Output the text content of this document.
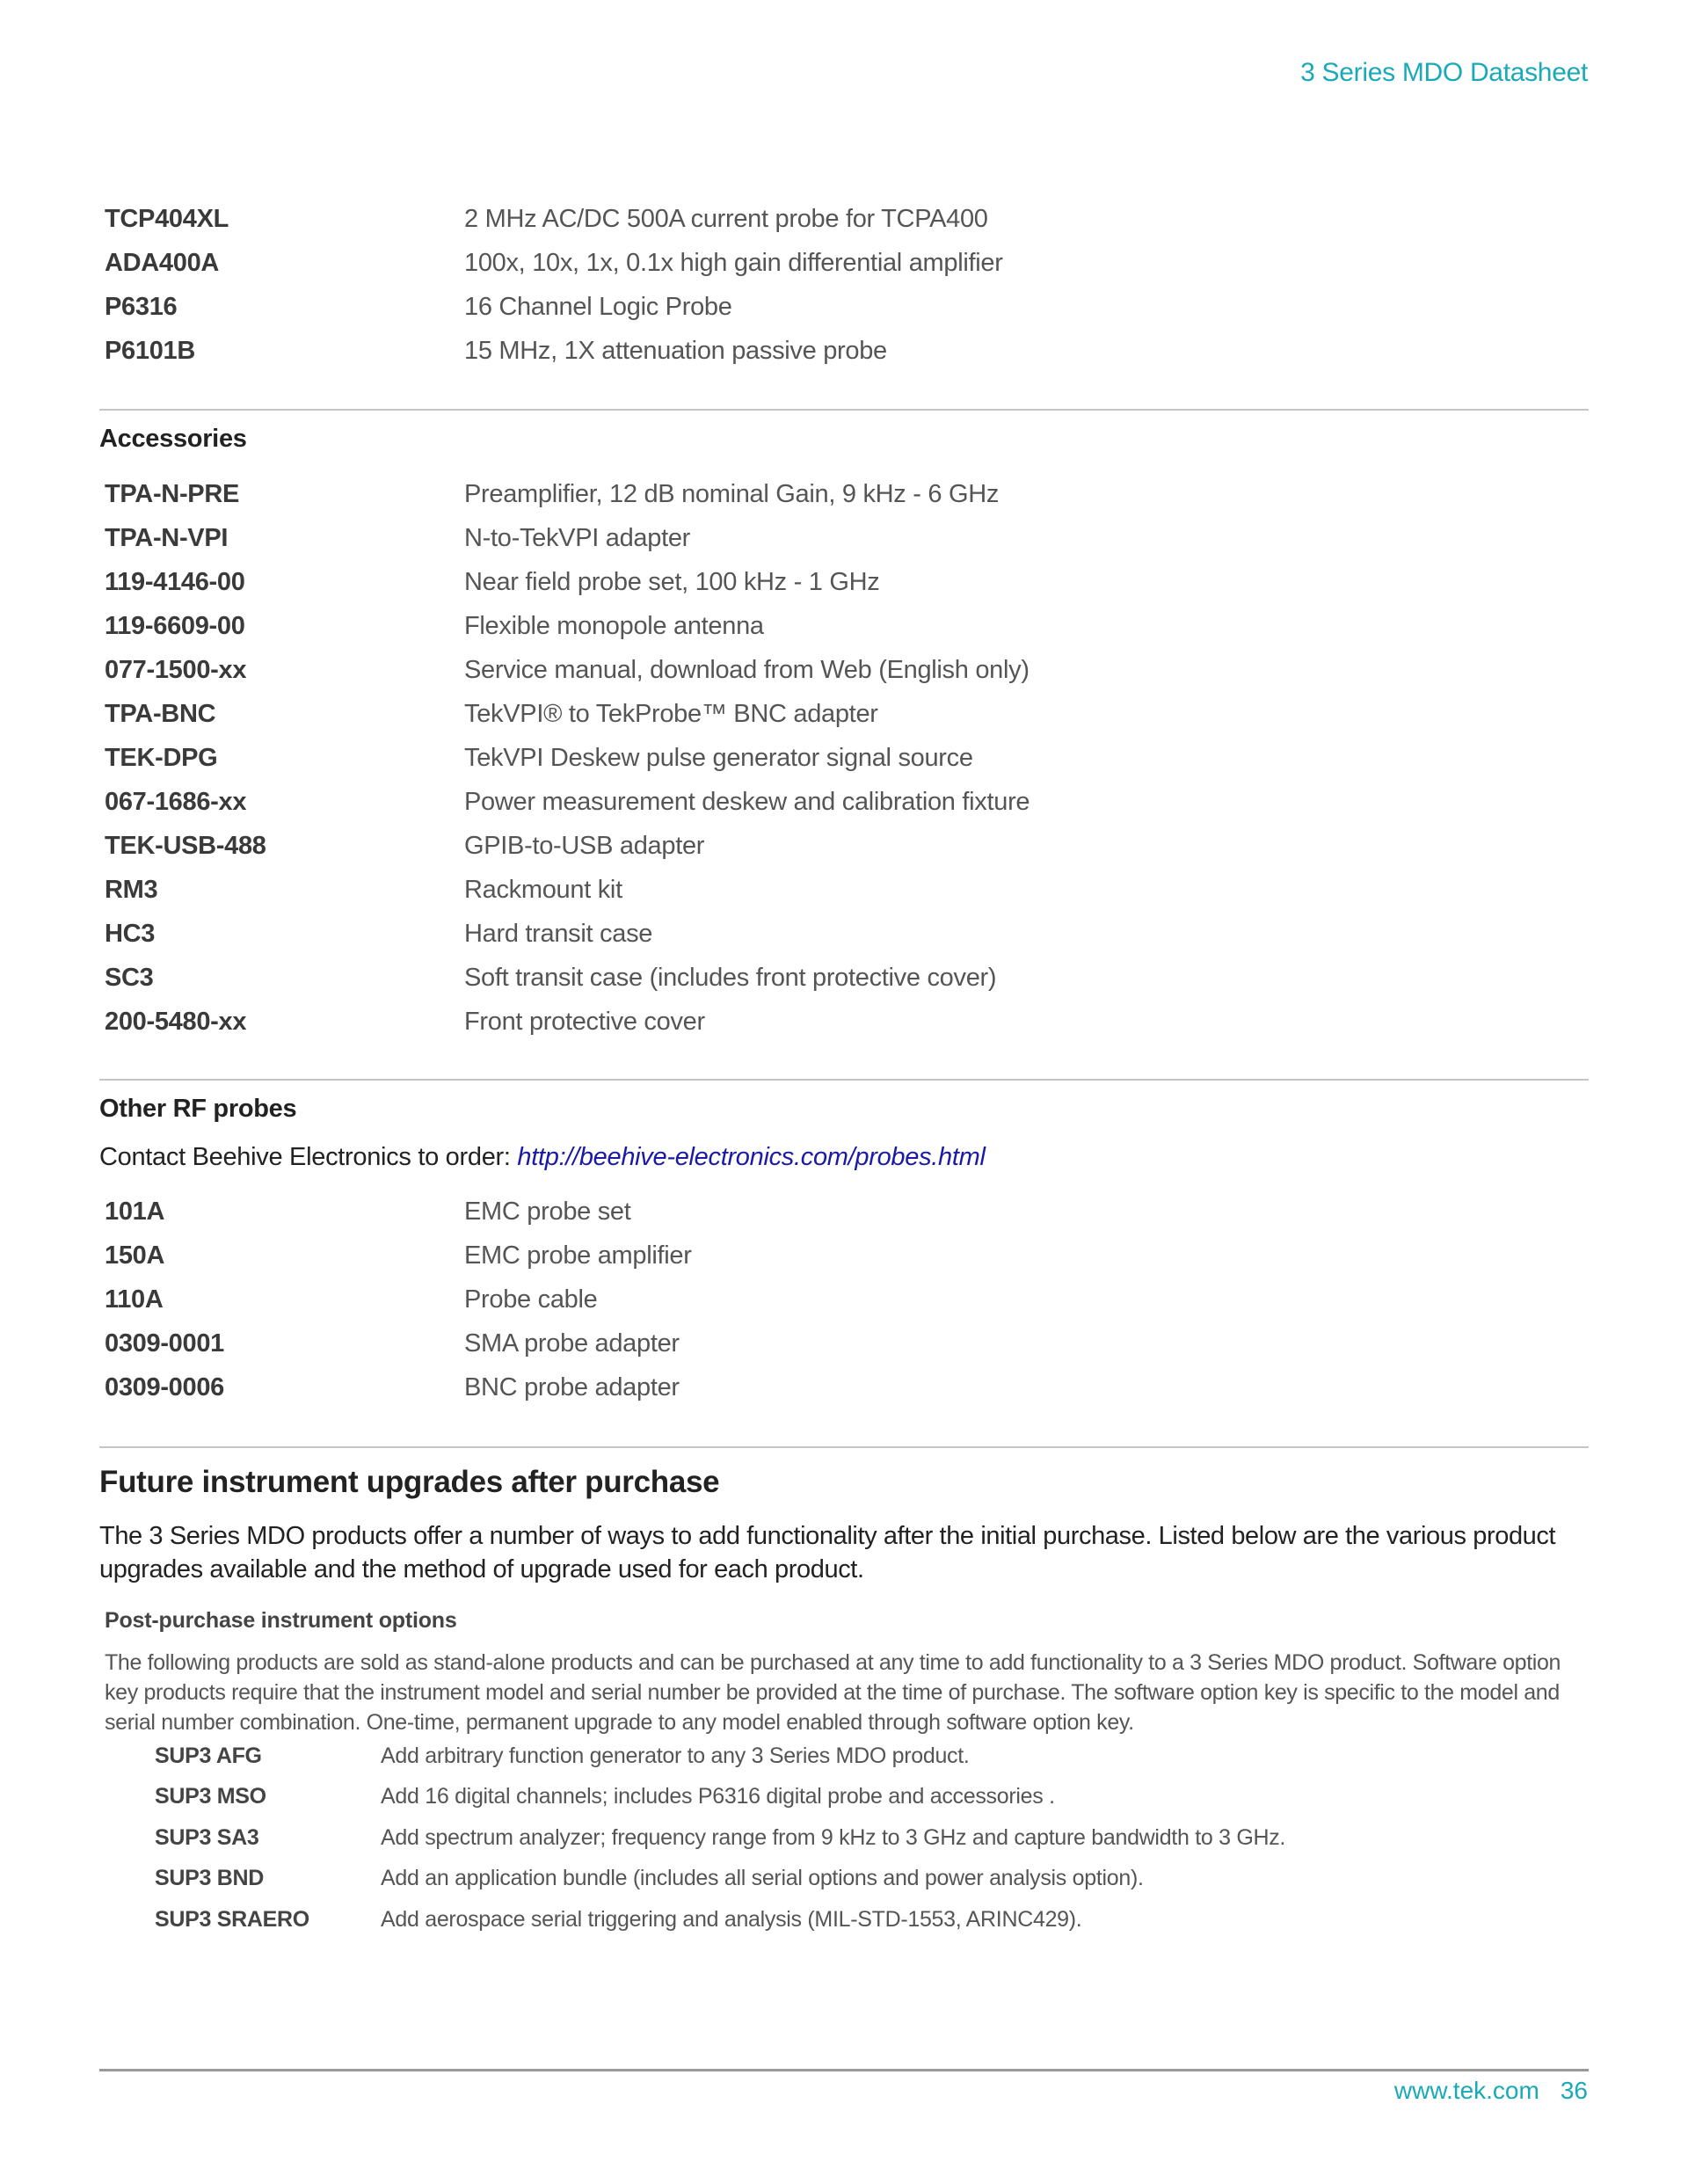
3 Series MDO Datasheet
TCP404XL	2 MHz AC/DC 500A current probe for TCPA400
ADA400A	100x, 10x, 1x, 0.1x high gain differential amplifier
P6316	16 Channel Logic Probe
P6101B	15 MHz, 1X attenuation passive probe
Accessories
TPA-N-PRE	Preamplifier, 12 dB nominal Gain, 9 kHz - 6 GHz
TPA-N-VPI	N-to-TekVPI adapter
119-4146-00	Near field probe set, 100 kHz - 1 GHz
119-6609-00	Flexible monopole antenna
077-1500-xx	Service manual, download from Web (English only)
TPA-BNC	TekVPI® to TekProbe™ BNC adapter
TEK-DPG	TekVPI Deskew pulse generator signal source
067-1686-xx	Power measurement deskew and calibration fixture
TEK-USB-488	GPIB-to-USB adapter
RM3	Rackmount kit
HC3	Hard transit case
SC3	Soft transit case (includes front protective cover)
200-5480-xx	Front protective cover
Other RF probes
Contact Beehive Electronics to order: http://beehive-electronics.com/probes.html
101A	EMC probe set
150A	EMC probe amplifier
110A	Probe cable
0309-0001	SMA probe adapter
0309-0006	BNC probe adapter
Future instrument upgrades after purchase
The 3 Series MDO products offer a number of ways to add functionality after the initial purchase. Listed below are the various product upgrades available and the method of upgrade used for each product.
Post-purchase instrument options
The following products are sold as stand-alone products and can be purchased at any time to add functionality to a 3 Series MDO product. Software option key products require that the instrument model and serial number be provided at the time of purchase. The software option key is specific to the model and serial number combination. One-time, permanent upgrade to any model enabled through software option key.
SUP3 AFG	Add arbitrary function generator to any 3 Series MDO product.
SUP3 MSO	Add 16 digital channels; includes P6316 digital probe and accessories .
SUP3 SA3	Add spectrum analyzer; frequency range from 9 kHz to 3 GHz and capture bandwidth to 3 GHz.
SUP3 BND	Add an application bundle (includes all serial options and power analysis option).
SUP3 SRAERO	Add aerospace serial triggering and analysis (MIL-STD-1553, ARINC429).
www.tek.com 36
